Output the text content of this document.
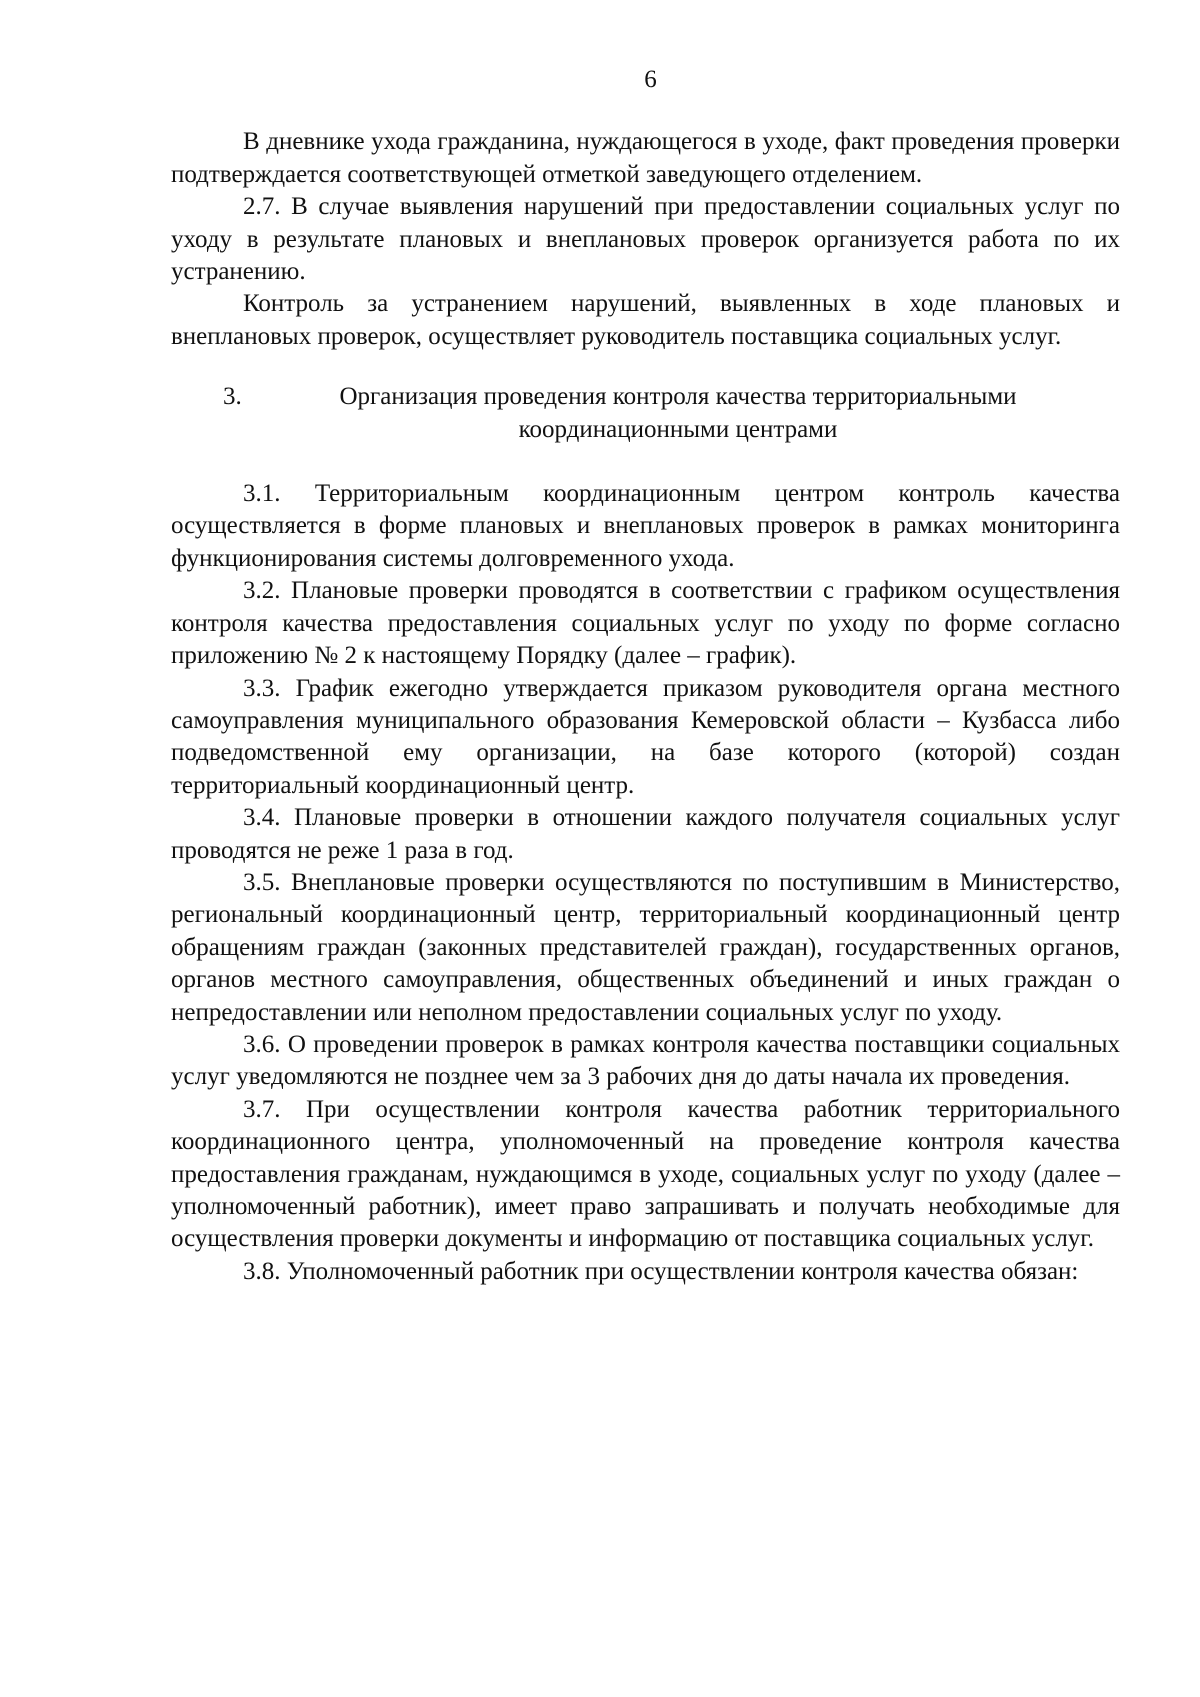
6

В дневнике ухода гражданина, нуждающегося в уходе, факт проведения проверки подтверждается соответствующей отметкой заведующего отделением.

2.7. В случае выявления нарушений при предоставлении социальных услуг по уходу в результате плановых и внеплановых проверок организуется работа по их устранению.

Контроль за устранением нарушений, выявленных в ходе плановых и внеплановых проверок, осуществляет руководитель поставщика социальных услуг.

3.	Организация проведения контроля качества территориальными
координационными центрами

3.1. Территориальным координационным центром контроль качества осуществляется в форме плановых и внеплановых проверок в рамках мониторинга функционирования системы долговременного ухода.

3.2. Плановые проверки проводятся в соответствии с графиком осуществления контроля качества предоставления социальных услуг по уходу по форме согласно приложению № 2 к настоящему Порядку (далее – график).

3.3. График ежегодно утверждается приказом руководителя органа местного самоуправления муниципального образования Кемеровской области – Кузбасса либо подведомственной ему организации, на базе которого (которой) создан территориальный координационный центр.

3.4. Плановые проверки в отношении каждого получателя социальных услуг проводятся не реже 1 раза в год.

3.5. Внеплановые проверки осуществляются по поступившим в Министерство, региональный координационный центр, территориальный координационный центр обращениям граждан (законных представителей граждан), государственных органов, органов местного самоуправления, общественных объединений и иных граждан о непредоставлении или неполном предоставлении социальных услуг по уходу.

3.6. О проведении проверок в рамках контроля качества поставщики социальных услуг уведомляются не позднее чем за 3 рабочих дня до даты начала их проведения.

3.7. При осуществлении контроля качества работник территориального координационного центра, уполномоченный на проведение контроля качества предоставления гражданам, нуждающимся в уходе, социальных услуг по уходу (далее – уполномоченный работник), имеет право запрашивать и получать необходимые для осуществления проверки документы и информацию от поставщика социальных услуг.

3.8. Уполномоченный работник при осуществлении контроля качества обязан:
